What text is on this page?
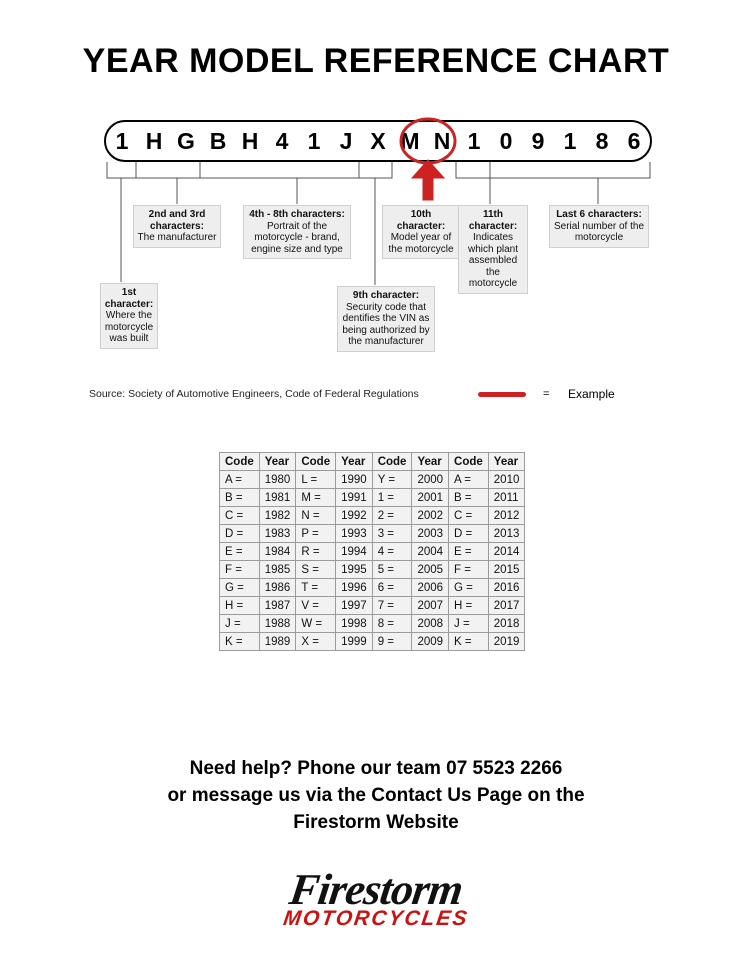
YEAR MODEL REFERENCE CHART
1 H G B H 4 1 J X M N 1 0 9 1 8 6
1st character:
Where the motorcycle was built
2nd and 3rd characters:
The manufacturer
4th - 8th characters:
Portrait of the motorcycle - brand, engine size and type
9th character:
Security code that dentifies the VIN as being authorized by the manufacturer
10th character:
Model year of the motorcycle
11th character:
Indicates which plant assembled the motorcycle
Last 6 characters:
Serial number of the motorcycle
Source: Society of Automotive Engineers, Code of Federal Regulations	= Example
Code	Year	Code	Year	Code	Year	Code	Year
A =	1980	L =	1990	Y =	2000	A =	2010
B =	1981	M =	1991	1 =	2001	B =	2011
C =	1982	N =	1992	2 =	2002	C =	2012
D =	1983	P =	1993	3 =	2003	D =	2013
E =	1984	R =	1994	4 =	2004	E =	2014
F =	1985	S =	1995	5 =	2005	F =	2015
G =	1986	T =	1996	6 =	2006	G =	2016
H =	1987	V =	1997	7 =	2007	H =	2017
J =	1988	W =	1998	8 =	2008	J =	2018
K =	1989	X =	1999	9 =	2009	K =	2019
Need help? Phone our team 07 5523 2266
or message us via the Contact Us Page on the
Firestorm Website
Firestorm
MOTORCYCLES
